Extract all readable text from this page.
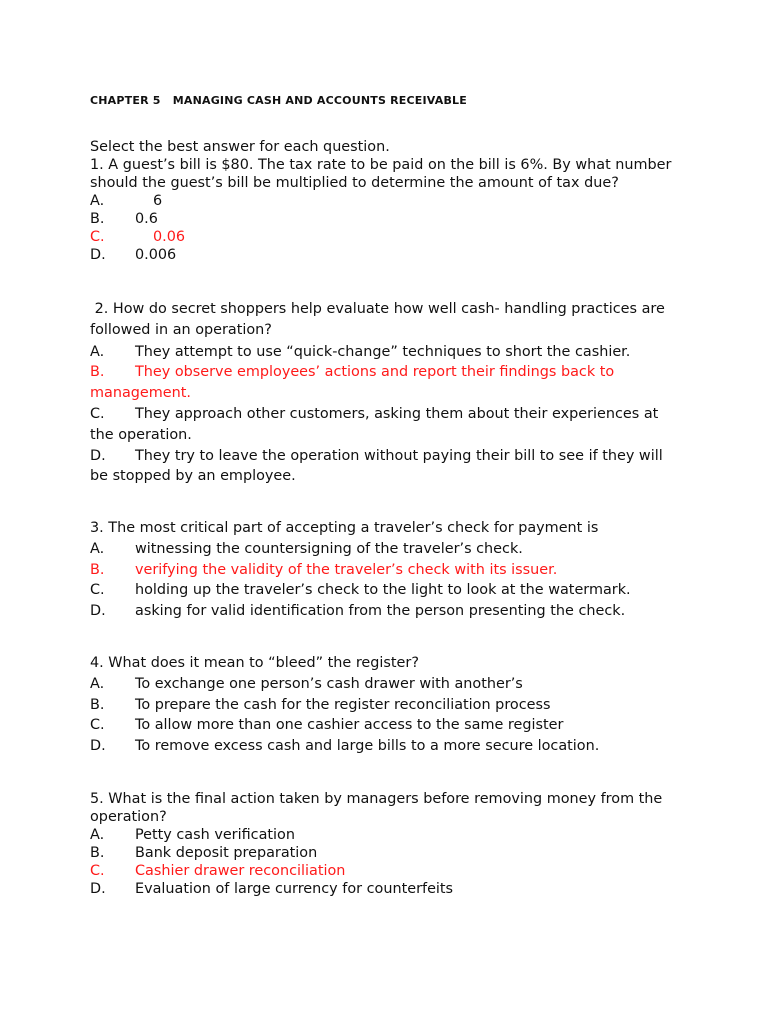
CHAPTER 5   MANAGING CASH AND ACCOUNTS RECEIVABLE

Select the best answer for each question.

1. A guest’s bill is $80. The tax rate to be paid on the bill is 6%. By what number should the guest’s bill be multiplied to determine the amount of tax due?

A.	6
B.	0.6
C.	0.06
D.	0.006

2. How do secret shoppers help evaluate how well cash- handling practices are followed in an operation?

A.	They attempt to use “quick-change” techniques to short the cashier.
B. They observe employees’ actions and report their findings back to management.
C. They approach other customers, asking them about their experiences at the operation.
D. They try to leave the operation without paying their bill to see if they will be stopped by an employee.

3. The most critical part of accepting a traveler’s check for payment is

A.	witnessing the countersigning of the traveler’s check.
B.	verifying the validity of the traveler’s check with its issuer.
C.	holding up the traveler’s check to the light to look at the watermark.
D.	asking for valid identification from the person presenting the check.

4. What does it mean to “bleed” the register?

A.	To exchange one person’s cash drawer with another’s
B.	To prepare the cash for the register reconciliation process
C.	To allow more than one cashier access to the same register
D.	To remove excess cash and large bills to a more secure location.

5. What is the final action taken by managers before removing money from the operation?

A.	Petty cash verification
B.	Bank deposit preparation
C.	Cashier drawer reconciliation
D.	Evaluation of large currency for counterfeits
